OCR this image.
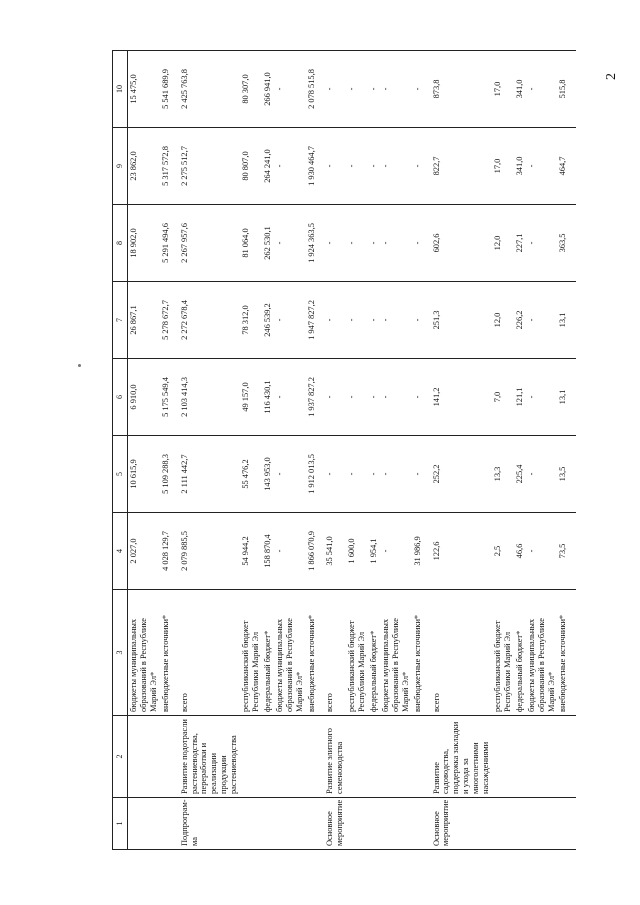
2
1	2	3	4	5	6	7	8	9	10
		бюджеты муниципальных образований в Республике Марий Эл*	2 027,0	10 615,9	6 910,0	26 867,1	18 902,0	23 862,0	15 475,0
		внебюджетные источники*	4 028 129,7	5 109 288,3	5 175 549,4	5 278 672,7	5 291 494,6	5 317 572,8	5 541 689,9

Подпрограм-ма	Развитие подотрасли растениеводства, переработки и реализации продукции растениеводства	всего	2 079 885,5	2 111 442,7	2 103 414,3	2 272 678,4	2 267 957,6	2 275 512,7	2 425 763,8
		республиканский бюджет Республики Марий Эл	54 944,2	55 476,2	49 157,0	78 312,0	81 064,0	80 807,0	80 307,0
		федеральный бюджет*	158 870,4	143 953,0	116 430,1	246 539,2	262 530,1	264 241,0	266 941,0
		бюджеты муниципальных образований в Республике Марий Эл*	-	-	-	-	-	-	-
		внебюджетные источники*	1 866 070,9	1 912 013,5	1 937 827,2	1 947 827,2	1 924 363,5	1 930 464,7	2 078 515,8

Основное мероприятие	Развитие элитного семеноводства	всего	35 541,0	-	-	-	-	-	-
		республиканский бюджет Республики Марий Эл	1 600,0	-	-	-	-	-	-
		федеральный бюджет*	1 954,1	-	-	-	-	-	-
		бюджеты муниципальных образований в Республике Марий Эл*	-	-	-	-	-	-	-
		внебюджетные источники*	31 986,9	-	-	-	-	-	-

Основное мероприятие	Развитие садоводства, поддержка закладки и ухода за многолетними насаждениями	всего	122,6	252,2	141,2	251,3	602,6	822,7	873,8
		республиканский бюджет Республики Марий Эл	2,5	13,3	7,0	12,0	12,0	17,0	17,0
		федеральный бюджет*	46,6	225,4	121,1	226,2	227,1	341,0	341,0
		бюджеты муниципальных образований в Республике Марий Эл*	-	-	-	-	-	-	-
		внебюджетные источники*	73,5	13,5	13,1	13,1	363,5	464,7	515,8
